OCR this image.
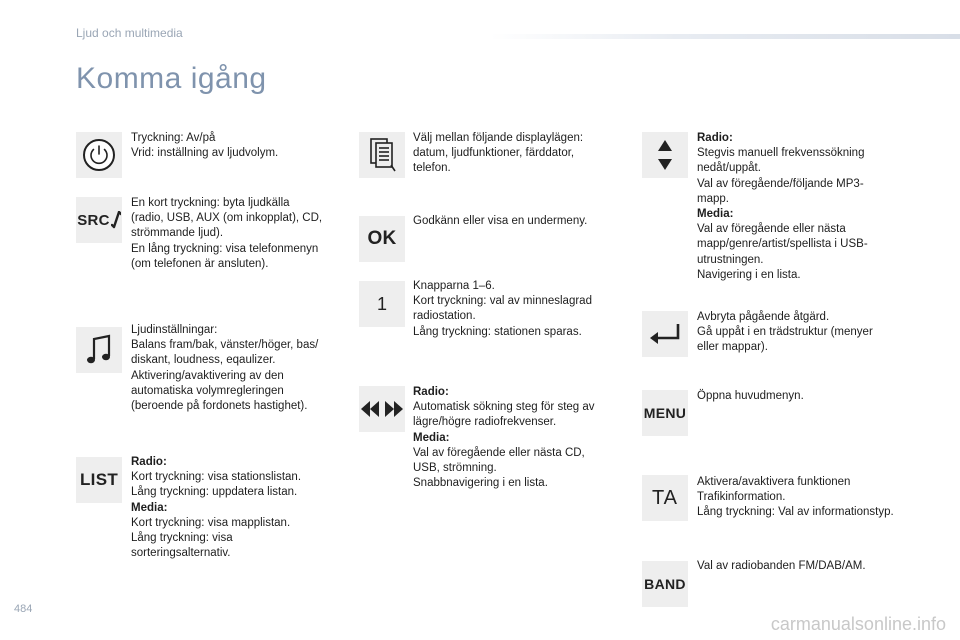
Ljud och multimedia
Komma igång
Tryckning: Av/på
Vrid: inställning av ljudvolym.
SRC
En kort tryckning: byta ljudkälla
(radio, USB, AUX (om inkopplat), CD,
strömmande ljud).
En lång tryckning: visa telefonmenyn
(om telefonen är ansluten).
Ljudinställningar:
Balans fram/bak, vänster/höger, bas/
diskant, loudness, eqaulizer.
Aktivering/avaktivering av den
automatiska volymregleringen
(beroende på fordonets hastighet).
LIST
Radio:
Kort tryckning: visa stationslistan.
Lång tryckning: uppdatera listan.
Media:
Kort tryckning: visa mapplistan.
Lång tryckning: visa
sorteringsalternativ.
Välj mellan följande displaylägen:
datum, ljudfunktioner, färddator,
telefon.
OK
Godkänn eller visa en undermeny.
1
Knapparna 1–6.
Kort tryckning: val av minneslagrad
radiostation.
Lång tryckning: stationen sparas.
Radio:
Automatisk sökning steg för steg av
lägre/högre radiofrekvenser.
Media:
Val av föregående eller nästa CD,
USB, strömning.
Snabbnavigering i en lista.
Radio:
Stegvis manuell frekvenssökning
nedåt/uppåt.
Val av föregående/följande MP3-
mapp.
Media:
Val av föregående eller nästa
mapp/genre/artist/spellista i USB-
utrustningen.
Navigering i en lista.
Avbryta pågående åtgärd.
Gå uppåt i en trädstruktur (menyer
eller mappar).
MENU
Öppna huvudmenyn.
TA
Aktivera/avaktivera funktionen
Trafikinformation.
Lång tryckning: Val av informationstyp.
BAND
Val av radiobanden FM/DAB/AM.
484
carmanualsonline.info
